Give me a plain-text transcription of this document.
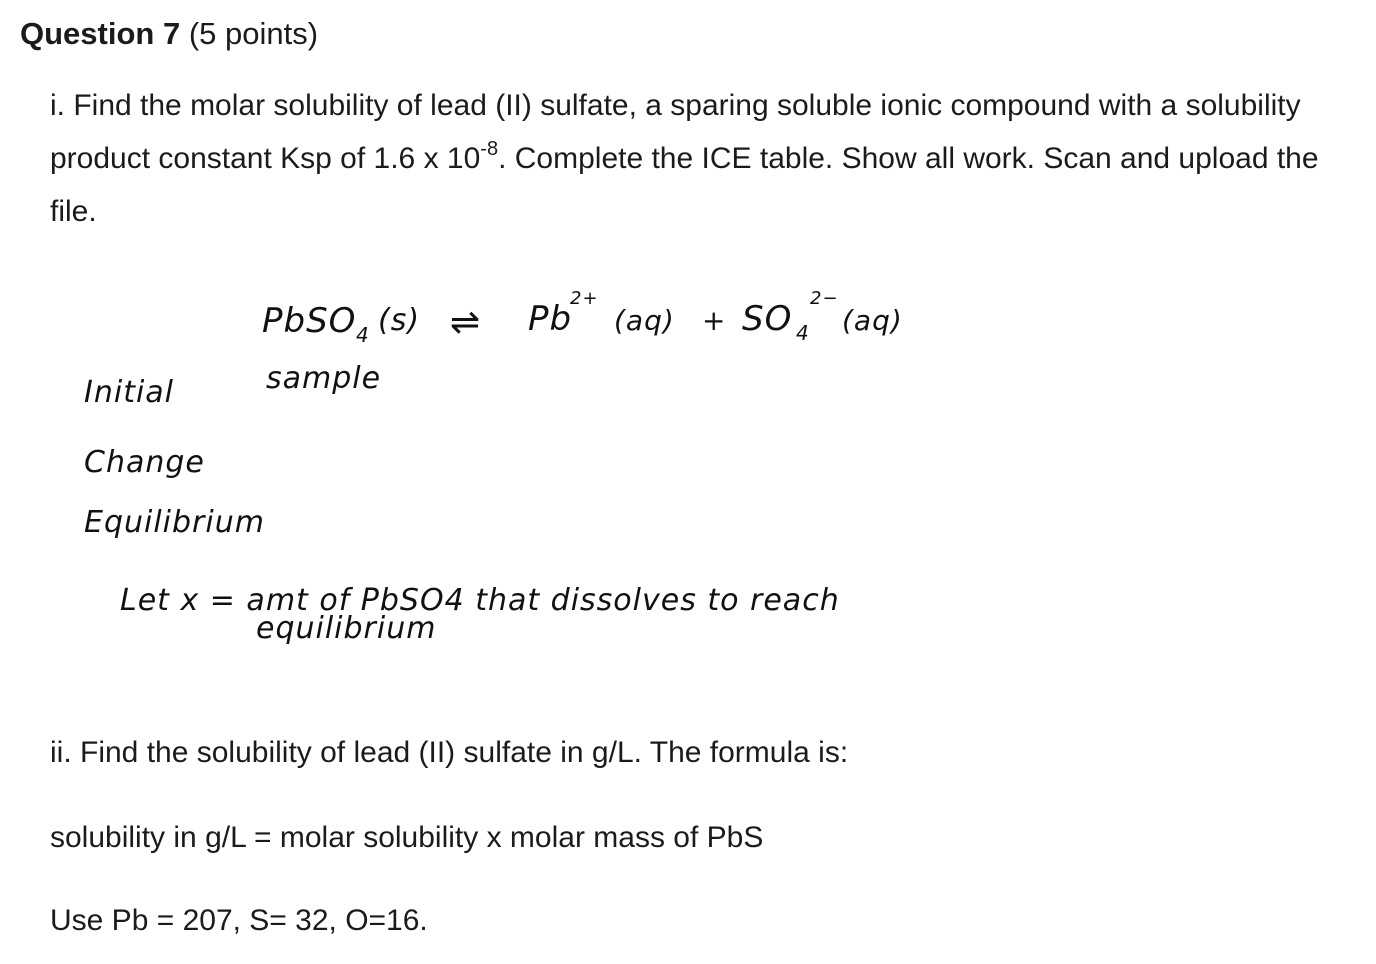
Question 7 (5 points)
i. Find the molar solubility of lead (II) sulfate, a sparing soluble ionic compound with a solubility product constant Ksp of 1.6 x $10^{-8}$. Complete the ICE table. Show all work. Scan and upload the file.
PbSO 4 (s) ⇌ Pb
2+
(aq) + SO 4
2−
(aq)
sample
Initial
Change
Equilibrium
Let x = amt of PbSO4 that dissolves to reach
equilibrium
ii. Find the solubility of lead (II) sulfate in g/L. The formula is:
solubility in g/L = molar solubility x molar mass of PbS
Use Pb = 207, S= 32, O=16.
